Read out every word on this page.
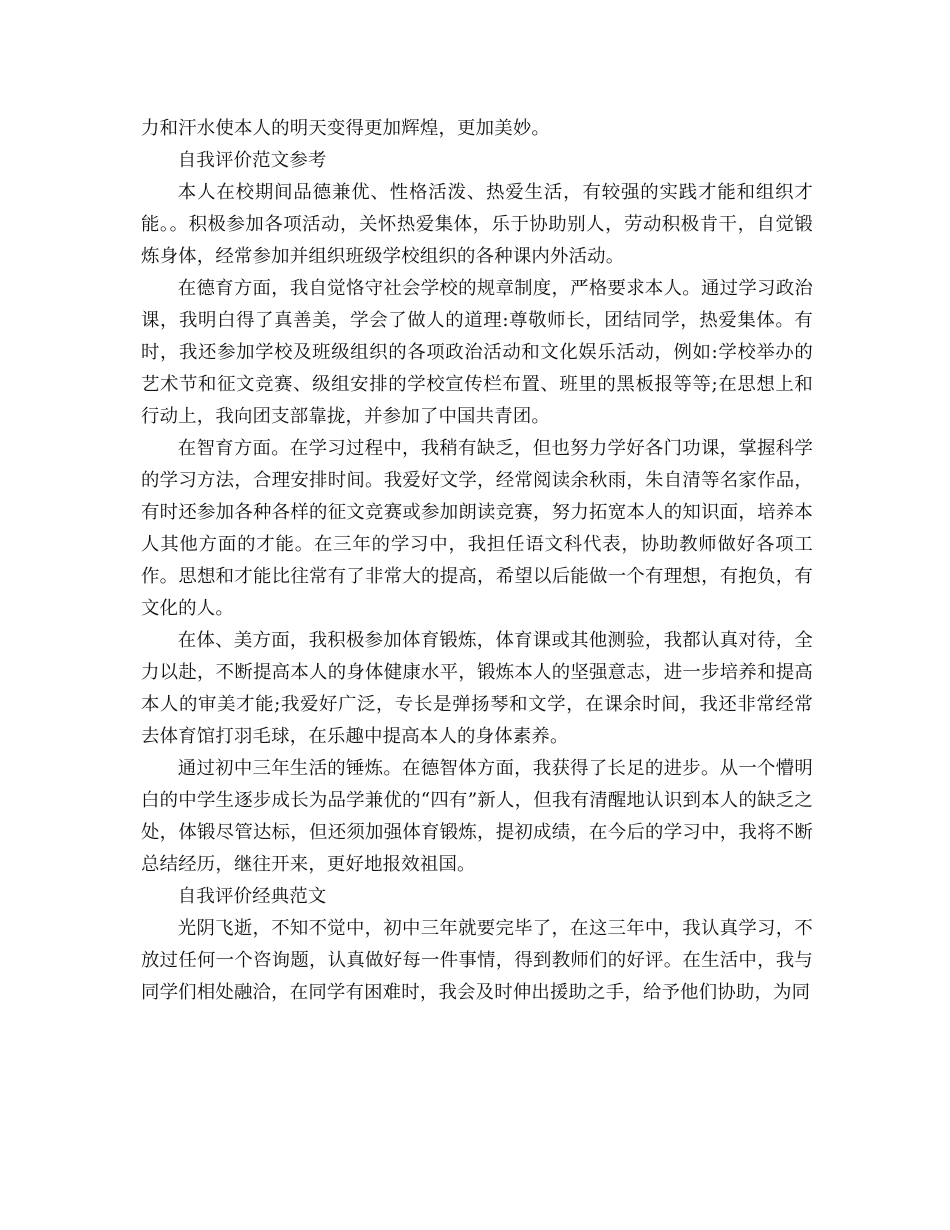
力和汗水使本人的明天变得更加辉煌，更加美妙。

自我评价范文参考

本人在校期间品德兼优、性格活泼、热爱生活，有较强的实践才能和组织才能。。积极参加各项活动，关怀热爱集体，乐于协助别人，劳动积极肯干，自觉锻炼身体，经常参加并组织班级学校组织的各种课内外活动。

在德育方面，我自觉恪守社会学校的规章制度，严格要求本人。通过学习政治课，我明白得了真善美，学会了做人的道理:尊敬师长，团结同学，热爱集体。有时，我还参加学校及班级组织的各项政治活动和文化娱乐活动，例如:学校举办的艺术节和征文竞赛、级组安排的学校宣传栏布置、班里的黑板报等等;在思想上和行动上，我向团支部靠拢，并参加了中国共青团。

在智育方面。在学习过程中，我稍有缺乏，但也努力学好各门功课，掌握科学的学习方法，合理安排时间。我爱好文学，经常阅读余秋雨，朱自清等名家作品，有时还参加各种各样的征文竞赛或参加朗读竞赛，努力拓宽本人的知识面，培养本人其他方面的才能。在三年的学习中，我担任语文科代表，协助教师做好各项工作。思想和才能比往常有了非常大的提高，希望以后能做一个有理想，有抱负，有文化的人。

在体、美方面，我积极参加体育锻炼，体育课或其他测验，我都认真对待，全力以赴，不断提高本人的身体健康水平，锻炼本人的坚强意志，进一步培养和提高本人的审美才能;我爱好广泛，专长是弹扬琴和文学，在课余时间，我还非常经常去体育馆打羽毛球，在乐趣中提高本人的身体素养。

通过初中三年生活的锤炼。在德智体方面，我获得了长足的进步。从一个懵明白的中学生逐步成长为品学兼优的“四有”新人，但我有清醒地认识到本人的缺乏之处，体锻尽管达标，但还须加强体育锻炼，提初成绩，在今后的学习中，我将不断总结经历，继往开来，更好地报效祖国。

自我评价经典范文

光阴飞逝，不知不觉中，初中三年就要完毕了，在这三年中，我认真学习，不放过任何一个咨询题，认真做好每一件事情，得到教师们的好评。在生活中，我与同学们相处融洽，在同学有困难时，我会及时伸出援助之手，给予他们协助，为同
